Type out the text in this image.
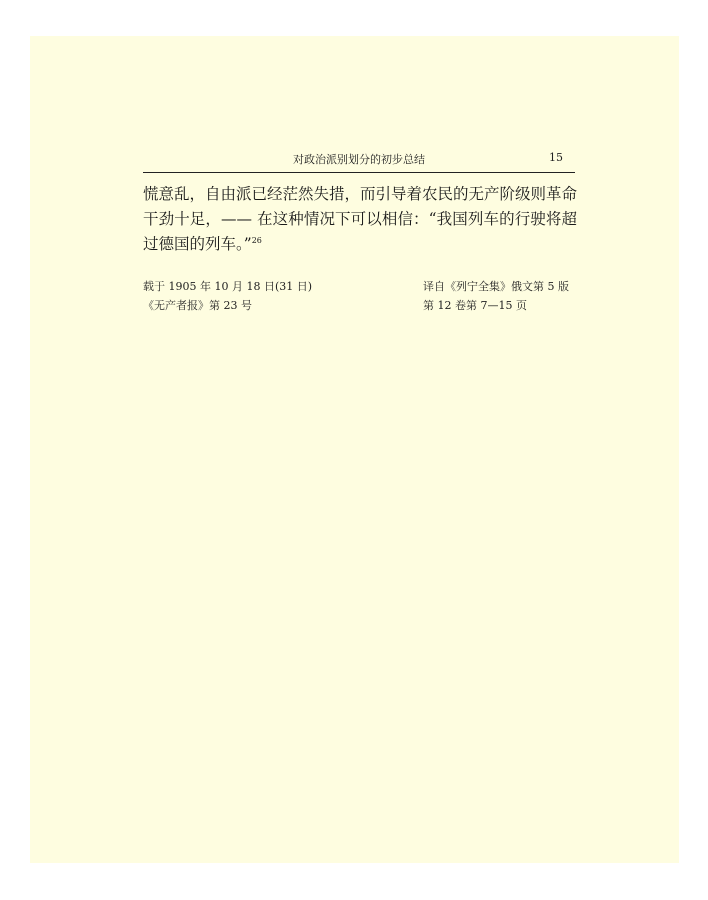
对政治派别划分的初步总结	15

慌意乱，自由派已经茫然失措，而引导着农民的无产阶级则革命干劲十足，—— 在这种情况下可以相信：“我国列车的行驶将超过德国的列车。”$^{26}$

载于 1905 年 10 月 18 日(31 日)
《无产者报》第 23 号
译自《列宁全集》俄文第 5 版
第 12 卷第 7—15 页
